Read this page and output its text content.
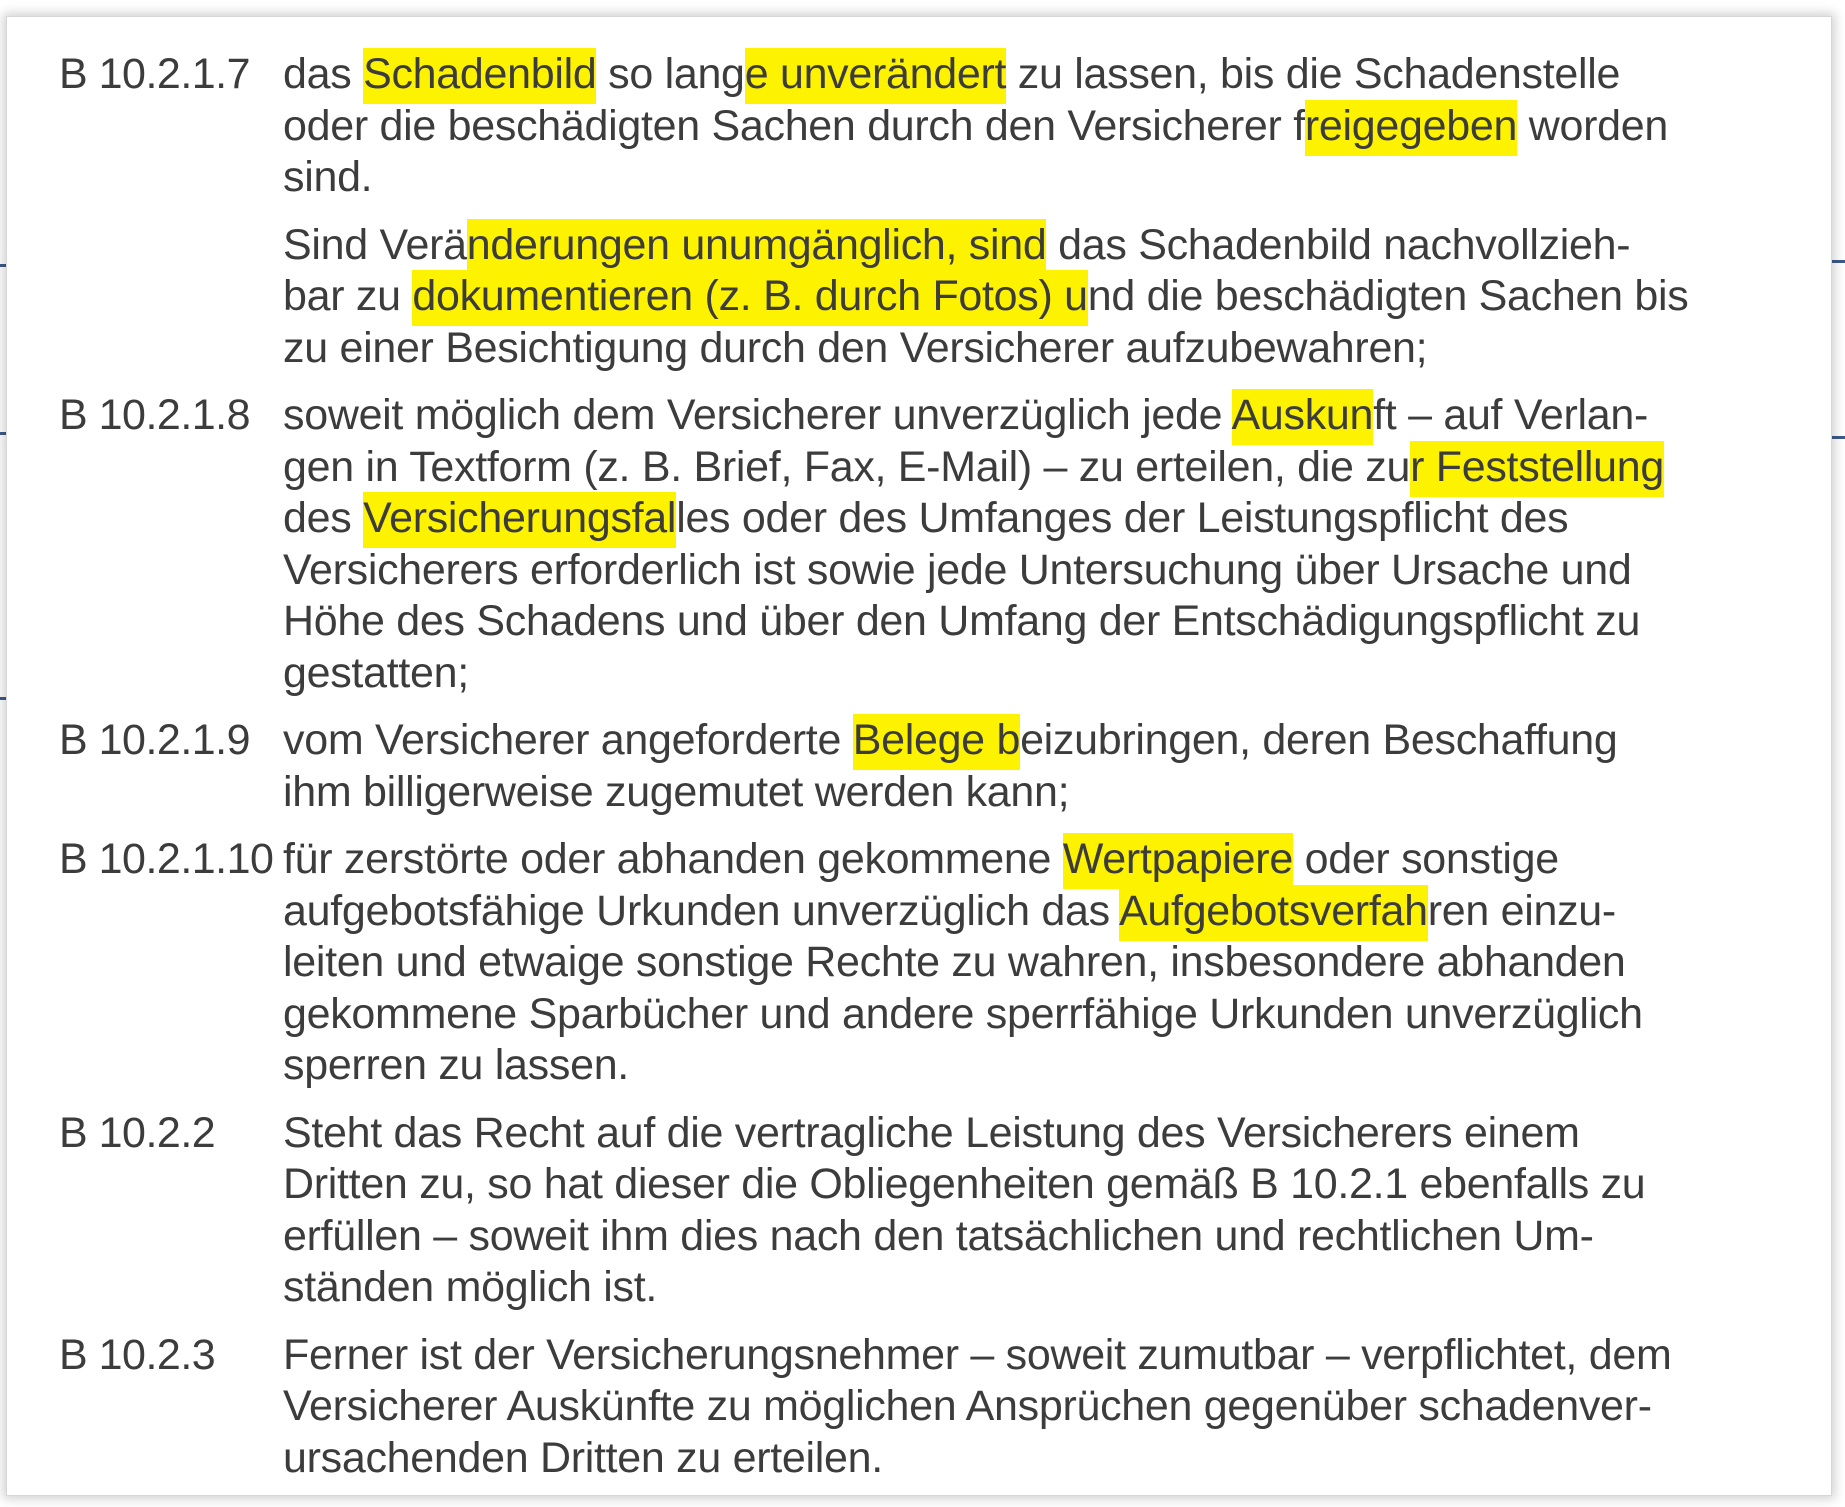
B 10.2.1.7 das Schadenbild so lange unverändert zu lassen, bis die Schadenstelle
oder die beschädigten Sachen durch den Versicherer freigegeben worden
sind.
Sind Veränderungen unumgänglich, sind das Schadenbild nachvollzieh-
bar zu dokumentieren (z. B. durch Fotos) und die beschädigten Sachen bis
zu einer Besichtigung durch den Versicherer aufzubewahren;
B 10.2.1.8 soweit möglich dem Versicherer unverzüglich jede Auskunft – auf Verlan-
gen in Textform (z. B. Brief, Fax, E-Mail) – zu erteilen, die zur Feststellung
des Versicherungsfalles oder des Umfanges der Leistungspflicht des
Versicherers erforderlich ist sowie jede Untersuchung über Ursache und
Höhe des Schadens und über den Umfang der Entschädigungspflicht zu
gestatten;
B 10.2.1.9 vom Versicherer angeforderte Belege beizubringen, deren Beschaffung
ihm billigerweise zugemutet werden kann;
B 10.2.1.10 für zerstörte oder abhanden gekommene Wertpapiere oder sonstige
aufgebotsfähige Urkunden unverzüglich das Aufgebotsverfahren einzu-
leiten und etwaige sonstige Rechte zu wahren, insbesondere abhanden
gekommene Sparbücher und andere sperrfähige Urkunden unverzüglich
sperren zu lassen.
B 10.2.2	Steht das Recht auf die vertragliche Leistung des Versicherers einem
Dritten zu, so hat dieser die Obliegenheiten gemäß B 10.2.1 ebenfalls zu
erfüllen – soweit ihm dies nach den tatsächlichen und rechtlichen Um-
ständen möglich ist.
B 10.2.3	Ferner ist der Versicherungsnehmer – soweit zumutbar – verpflichtet, dem
Versicherer Auskünfte zu möglichen Ansprüchen gegenüber schadenver-
ursachenden Dritten zu erteilen.
